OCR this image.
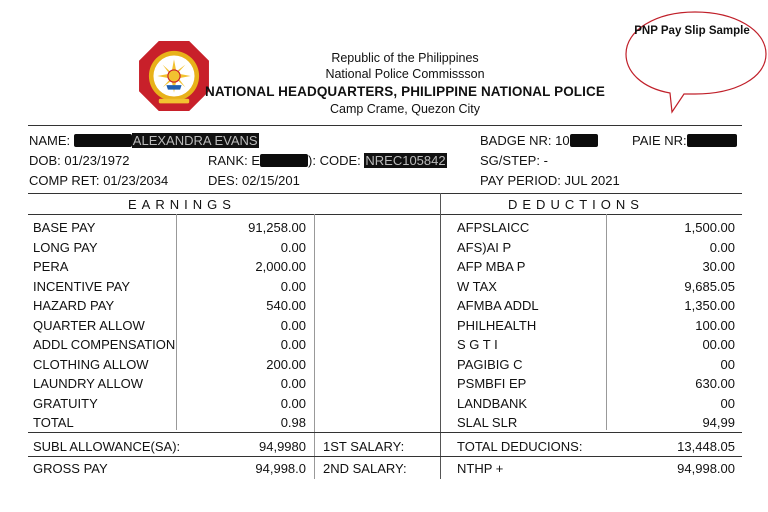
Republic of the Philippines
National Police Commissson
NATIONAL HEADQUARTERS, PHILIPPINE NATIONAL POLICE
Camp Crame, Quezon City
PNP Pay Slip Sample
NAME:	ALEXANDRA EVANS	BADGE NR: 10	PAIE NR:
DOB: 01/23/1972	RANK: E	): CODE: NREC105842	SG/STEP: -
COMP RET: 01/23/2034	DES: 02/15/201	PAY PERIOD: JUL 2021
EARNINGS	DEDUCTIONS
BASE PAY	91,258.00
LONG PAY	0.00
PERA	2,000.00
INCENTIVE PAY	0.00
HAZARD PAY	540.00
QUARTER ALLOW	0.00
ADDL COMPENSATION	0.00
CLOTHING ALLOW	200.00
LAUNDRY ALLOW	0.00
GRATUITY	0.00
TOTAL	0.98
AFPSLAICC	1,500.00
AFS)AI P	0.00
AFP MBA P	30.00
W TAX	9,685.05
AFMBA ADDL	1,350.00
PHILHEALTH	100.00
S G T I	00.00
PAGIBIG C	00
PSMBFI EP	630.00
LANDBANK	00
SLAL SLR	94,99
SUBL ALLOWANCE(SA):	94,9980 1ST SALARY:	TOTAL DEDUCIONS:	13,448.05
GROSS PAY	94,998.0 2ND SALARY:	NTHP +	94,998.00
